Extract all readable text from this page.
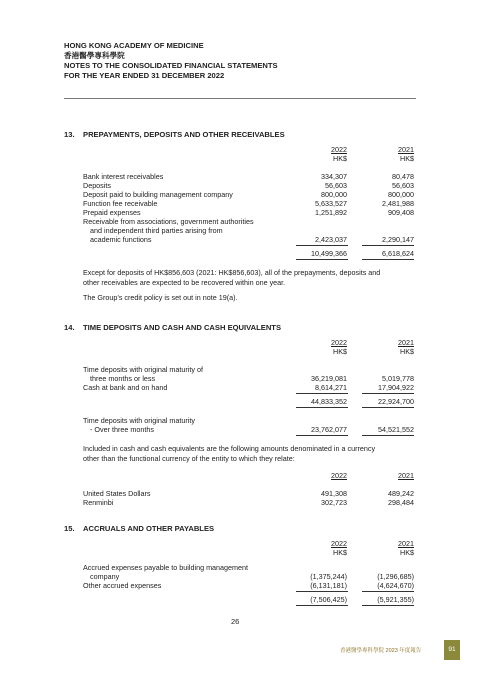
HONG KONG ACADEMY OF MEDICINE
香港醫學專科學院
NOTES TO THE CONSOLIDATED FINANCIAL STATEMENTS
FOR THE YEAR ENDED 31 DECEMBER 2022
13. PREPAYMENTS, DEPOSITS AND OTHER RECEIVABLES
2022	2021
HK$	HK$
Bank interest receivables	334,307	80,478
Deposits	56,603	56,603
Deposit paid to building management company	800,000	800,000
Function fee receivable	5,633,527	2,481,988
Prepaid expenses	1,251,892	909,408
Receivable from associations, government authorities
and independent third parties arising from
academic functions	2,423,037	2,290,147
10,499,366	6,618,624
Except for deposits of HK$856,603 (2021: HK$856,603), all of the prepayments, deposits and
other receivables are expected to be recovered within one year.
The Group’s credit policy is set out in note 19(a).
14. TIME DEPOSITS AND CASH AND CASH EQUIVALENTS
2022	2021
HK$	HK$
Time deposits with original maturity of
three months or less	36,219,081	5,019,778
Cash at bank and on hand	8,614,271	17,904,922
44,833,352	22,924,700
Time deposits with original maturity
- Over three months	23,762,077	54,521,552
Included in cash and cash equivalents are the following amounts denominated in a currency
other than the functional currency of the entity to which they relate:
2022	2021
United States Dollars	491,308	489,242
Renminbi	302,723	298,484
15. ACCRUALS AND OTHER PAYABLES
2022	2021
HK$	HK$
Accrued expenses payable to building management
company	(1,375,244)	(1,296,685)
Other accrued expenses	(6,131,181)	(4,624,670)
(7,506,425)	(5,921,355)
26
香港醫學專科學院 2023 年度報告	91
